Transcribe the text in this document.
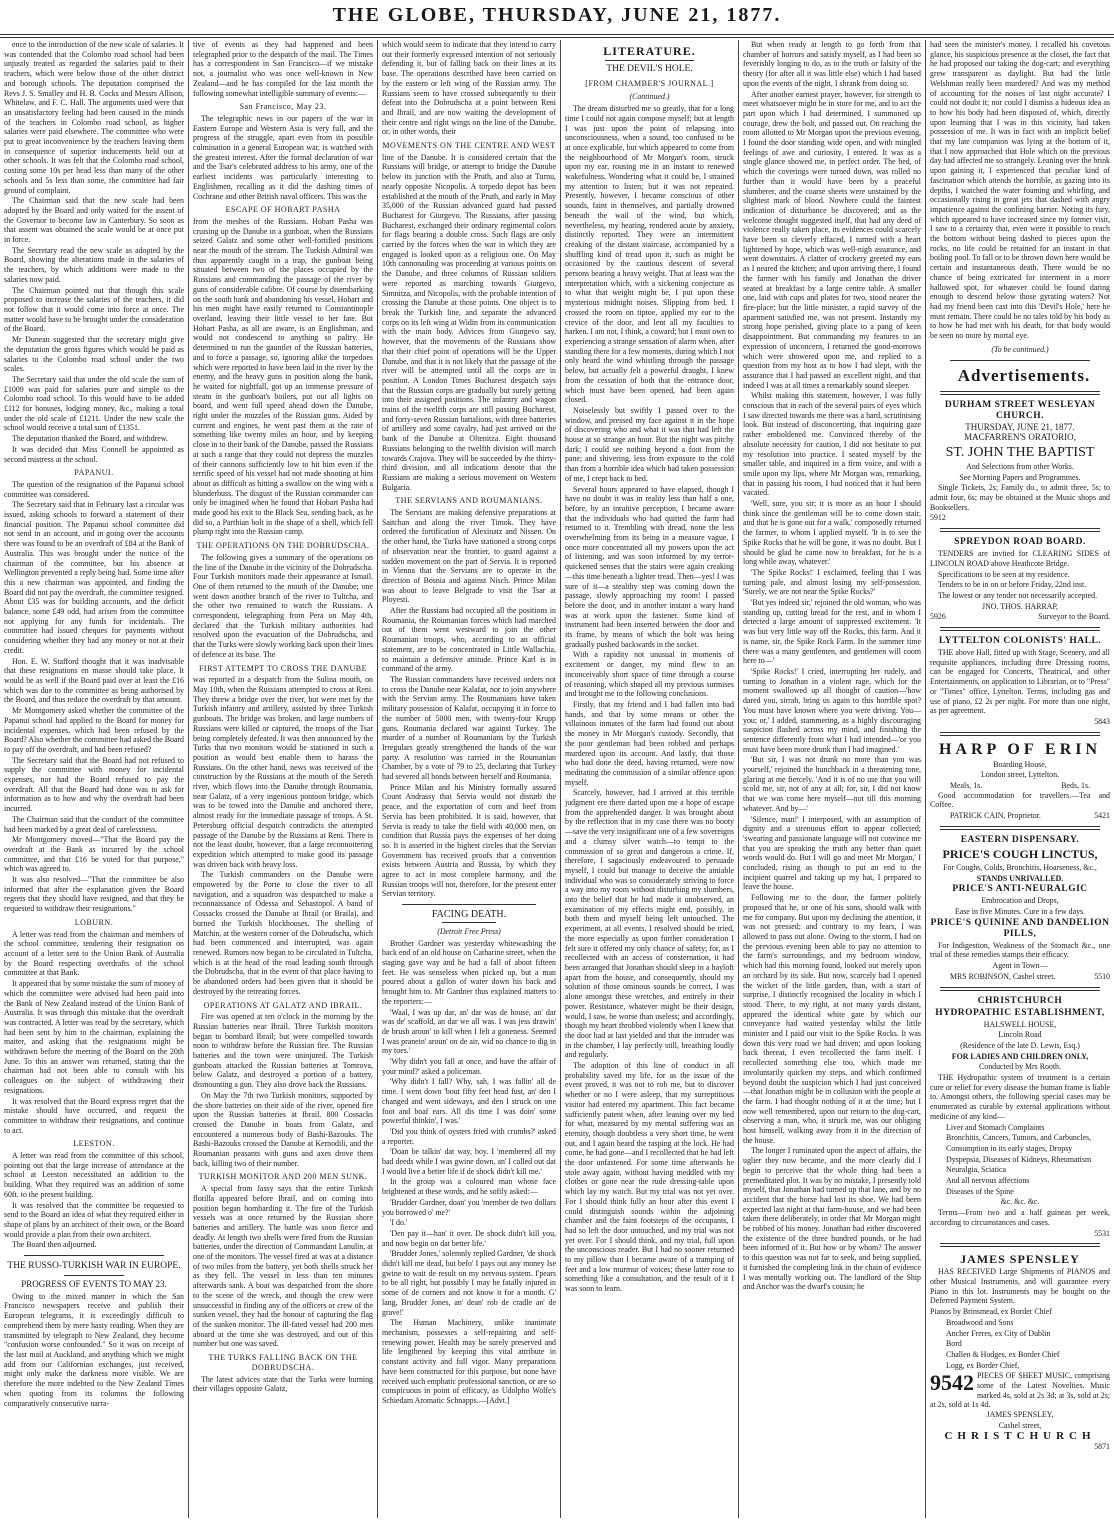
THE GLOBE, THURSDAY, JUNE 21, 1877.

ence to the introduction of the new scale of salaries. It was contended that the Colombo road school had been unjustly treated as regarded the salaries paid to their teachers, which were below those of the other district and borough schools. The deputation comprised the Revs J. S. Smalley and H. B. Cocks and Messrs Allison, Whitelaw, and F. C. Hall. The arguments used were that an unsatisfactory feeling had been caused in the minds of the teachers in Colombo road school, as higher salaries were paid elsewhere. The committee who were put to great inconvenience by the teachers leaving them in consequence of superior inducements held out at other schools. It was felt that the Colombo road school, costing some 10s per head less than many of the other schools and 5s less than some, the committee had fair ground of complaint.

The Chairman said that the new scale had been adopted by the Board and only waited for the assent of the Governor to become law in Canterbury. So soon as that assent was obtained the scale would be at once put in force.

The Secretary read the new scale as adopted by the Board, showing the alterations made in the salaries of the teachers, by which additions were made to the salaries now paid.

The Chairman pointed out that though this scale proposed to increase the salaries of the teachers, it did not follow that it would come into force at once. The matter would have to be brought under the consideration of the Board.

Mr Dunean suggested that the secretary might give the deputation the gross figures which would be paid as salaries to the Colombo road school under the two scales.

The Secretary said that under the old scale the sum of £1009 was paid for salaries pure and simple to the Colombo road school. To this would have to be added £112 for bonuses, lodging money, &c., making a total under the old scale of £1211. Under the new scale the school would receive a total sum of £1351.

The deputation thanked the Board, and withdrew.

It was decided that Miss Connell be appointed as second mistress at the school.

PAPANUI.

The question of the resignation of the Papanui school committee was considered.

The Secretary said that in February last a circular was issued, asking schools to forward a statement of their financial position. The Papanui school committee did not send in an account, and in going over the accounts there was found to be an overdraft of £84 at the Bank of Australia. This was brought under the notice of the chairman of the committee, but his absence at Wellington prevented a reply being had. Some time after this a new chairman was appointed, and finding the Board did not pay the overdraft, the committee resigned. About £35 was for building accounts, and the deficit balance, some £49 odd, had arisen from the committee not applying for any funds for incidentals. The committee had issued cheques for payments without considering whether they had any money or not at their credit.

Hon. E. W. Stafford thought that it was inadvisable that these resignations en masse should take place. It would be as well if the Board paid over at least the £16 which was due to the committee as being authorised by the Board, and thus reduce the overdraft by that amount.

Mr Montgomery asked whether the committee of the Papanui school had applied to the Board for money for incidental expenses, which had been refused by the Board? Also whether the committee had asked the Board to pay off the overdraft, and had been refused?

The Secretary said that the Board had not refused to supply the committee with money for incidental expenses, nor had the Board refused to pay the overdraft. All that the Board had done was to ask for information as to how and why the overdraft had been incurred.

The Chairman said that the conduct of the committee had been marked by a great deal of carelessness.

Mr Montgomery moved—"That the Board pay the overdraft at the Bank as incurred by the school committee, and that £16 be voted for that purpose," which was agreed to.

It was also resolved—"That the committee be also informed that after the explanation given the Board regrets that they should have resigned, and that they be requested to withdraw their resignations."

LOBURN.

A letter was read from the chairman and members of the school committee, tendering their resignation on account of a letter sent to the Union Bank of Australia by the Board respecting overdrafts of the school committee at that Bank.

It appeared that by some mistake the sum of money of which the committee were advised had been paid into the Bank of New Zealand instead of the Union Bank of Australia. It was through this mistake that the overdraft was contracted. A letter was read by the secretary, which had been sent by him to the chairman, explaining the matter, and asking that the resignations might be withdrawn before the meeting of the Board on the 20th June. To this an answer was returned, stating that the chairman had not been able to consult with his colleagues on the subject of withdrawing their resignations.

It was resolved that the Board express regret that the mistake should have occurred, and request the committee to withdraw their resignations, and continue to act.

LEESTON.

A letter was read from the committee of this school, pointing out that the large increase of attendance at the school at Leeston necessitated an addition to the building. What they required was an addition of some 60ft. to the present building.

It was resolved that the committee be requested to send to the Board an idea of what they required either in shape of plans by an architect of their own, or the Board would provide a plan from their own architect.

The Board then adjourned.

THE RUSSO-TURKISH WAR IN EUROPE.

PROGRESS OF EVENTS TO MAY 23.

Owing to the mixed manner in which the San Francisco newspapers receive and publish their European telegrams, it is exceedingly difficult to comprehend them by mere hasty reading. When they are transmitted by telegraph to New Zealand, they become "confusion worse confounded." So it was on receipt of the last mail at Auckland, and anything which we might add from our Californian exchanges, just received, might only make the darkness more visible. We are therefore the more indebted to the New Zealand Times when quoting from its columns the following comparatively consecutive narra-

tive of events as they had happened and been telegraphed prior to the despatch of the mail. The Times has a correspondent in San Francisco—if we mistake not, a journalist who was once well-known in New Zealand—and he has compiled for the last month the following somewhat intelligible summary of events:—

San Francisco, May 23.

The telegraphic news in our papers of the war in Eastern Europe and Western Asia is very full, and the progress of the struggle, apart even from its possible culmination in a general European war, is watched with the greatest interest. After the formal declaration of war and the Tsar's celebrated address to his army, one of the earliest incidents was particularly interesting to Englishmen, recalling as it did the dashing times of Cochrane and other British naval officers. This was the

ESCAPE OF HOBART PASHA

from the meshes of the Russians. Hobart Pasha was cruising up the Danube in a gunboat, when the Russians seized Galatz and some other well-fortified positions near the mouth of the stream. The Turkish Admiral was thus apparently caught in a trap, the gunboat being situated between two of the places occupied by the Russians and commanding the passage of the river by guns of considerable calibre. Of course by disembarking on the south bank and abandoning his vessel, Hobart and his men might have easily returned to Constantinople overland, leaving their little vessel to her fate. But Hobart Pasha, as all are aware, is an Englishman, and would not condescend to anything so paltry. He determined to run the gauntlet of the Russian batteries, and to force a passage, so, ignoring alike the torpedoes which were reported to have been laid in the river by the enemy, and the heavy guns in position along the bank, he waited for nightfall, got up an immense pressure of steam in the gunboat's boilers, put out all lights on board, and went full speed ahead down the Danube, right under the muzzles of the Russian guns. Aided by current and engines, he went past them at the rate of something like twenty miles an hour, and by keeping close in to their bank of the Danube, passed the Russians at such a range that they could not depress the muzzles of their cannons sufficiently low to hit him even if the terrific speed of his vessel had not made shooting at him about as difficult as hitting a swallow on the wing with a blunderbuss. The disgust of the Russian commander can only be imagined when he found that Hobart Pasha had made good his exit to the Black Sea, sending back, as he did so, a Parthian bolt in the shape of a shell, which fell plump right into the Russian camp.

THE OPERATIONS ON THE DOBRUDSCHA.

The following gives a summary of the operations on the line of the Danube in the vicinity of the Dobrudscha. Four Turkish monitors made their appearance at Ismail. One of them returned to the mouth of the Danube; one went down another branch of the river to Tultcha, and the other two remained to watch the Russians. A correspondent, telegraphing from Pera on May 4th, declared that the Turkish military authorities had resolved upon the evacuation of the Dobrudscha, and that the Turks were slowly working back upon their lines of defence at its base. The

FIRST ATTEMPT TO CROSS THE DANUBE

was reported in a despatch from the Sulina mouth, on May 10th, when the Russians attempted to cross at Reni. They threw a bridge over the river, but were met by the Turkish infantry and artillery, assisted by three Turkish gunboats. The bridge was broken, and large numbers of Russians were killed or captured, the troops of the Tsar being completely defeated. It was then announced by the Turks that two monitors would be stationed in such a position as would best enable them to harass the Russians. On the other hand, news was received of the construction by the Russians at the mouth of the Sereth river, which flows into the Danube through Roumania, near Galatz, of a very ingenious pontoon bridge, which was to be towed into the Danube and anchored there, almost ready for the immediate passage of troops. A St. Petersburg official despatch contradicts the attempted passage of the Danube by the Russians at Reni. There is not the least doubt, however, that a large reconnoitering expedition which attempted to make good its passage was driven back with heavy loss.

The Turkish commanders on the Danube were empowered by the Porte to close the river to all navigation, and a squadron was despatched to make a reconnaissance of Odessa and Sebastopol. A band of Cossacks crossed the Danube at Ibrail (or Braila), and burned the Turkish blockhouses. The shelling of Matchin, at the western corner of the Dobrudscha, which had been commenced and interrupted, was again renewed. Rumors now began to be circulated in Tultcha, which is at the head of the road leading south through the Dobrudscha, that in the event of that place having to be abandoned orders had been given that it should be destroyed by the retreating forces.

OPERATIONS AT GALATZ AND IBRAIL.

Fire was opened at ten o'clock in the morning by the Russian batteries near Ibrail. Three Turkish monitors began to bombard Ibrail; but were compelled towards noon to withdraw before the Russian fire. The Russian batteries and the town were uninjured. The Turkish gunboats attacked the Russian batteries at Tomrova, below Galatz, and destroyed a portion of a battery, dismounting a gun. They also drove back the Russians.

On May the 7th two Turkish monitors, supported by the shore batteries on their side of the river, opened fire upon the Russian batteries at Ibrail. 800 Cossacks crossed the Danube in boats from Galatz, and encountered a numerous body of Bashi-Bazouks. The Bashi-Bazouks crossed the Danube at Kernodili, and the Roumanian peasants with guns and axes drove them back, killing two of their number.

TURKISH MONITOR AND 200 MEN SUNK.

A special from Jassy says that the entire Turkish flotilla appeared before Ibrail, and on coming into position began bombarding it. The fire of the Turkish vessels was at once returned by the Russian shore batteries and artillery. The battle was soon fierce and deadly. At length two shells were fired from the Russian batteries, under the direction of Commandant Lanulin, at one of the monitors. The vessel fired at was at a distance of two miles from the battery, yet both shells struck her as they fell. The vessel in less than ten minutes afterwards sank. A boat was despatched from the shore to the scene of the wreck, and though the crew were unsuccessful in finding any of the officers or crew of the sunken vessel, they had the honour of capturing the flag of the sunken monitor. The ill-fated vessel had 200 men aboard at the time she was destroyed, and out of this number but one was saved.

THE TURKS FALLING BACK ON THE DOBRUDSCHA.

The latest advices state that the Turks were burning their villages opposite Galatz,

which would seem to indicate that they intend to carry out their formerly expressed intention of not seriously defending it, but of falling back on their lines at its base. The operations described have been carried on by the eastern or left wing of the Russian army. The Russians seem to have crossed subsequently to their defeat into the Dobrudscha at a point between Reni and Ibrail, and are now waiting the development of their centre and right wings on the line of the Danube, or, in other words, their

MOVEMENTS ON THE CENTRE AND WEST

line of the Danube. It is considered certain that the Russians will bridge, or attempt to bridge the Danube below its junction with the Pruth, and also at Turnu, nearly opposite Nicopolis. A torpedo depot has been established at the mouth of the Pruth, and early in May 35,000 of the Russian advanced guard had passed Bucharest for Giurgevo. The Russians, after passing Bucharest, exchanged their ordinary regimental colors for flags bearing a double cross. Such flags are only carried by the forces when the war in which they are engaged is looked upon as a religious one. On May 10th cannonading was proceeding at various points on the Danube, and three columns of Russian soldiers were reported as marching towards Giurgevo, Simnitza, and Nicopolis, with the probable intention of crossing the Danube at those points. One object is to break the Turkish line, and separate the advanced corps on its left wing at Widin from its communication with the main body. Advices from Giurgevo say, however, that the movements of the Russians show that their chief point of operations will be the Upper Danube, and that it is not likely that the passage of the river will be attempted until all the corps are in position. A London Times Bucharest despatch says that the Russian corps are gradually but surely getting into their assigned positions. The infantry and wagon trains of the twelfth corps are still passing Bucharest, and forty-seven Russian battalions, with three batteries of artillery and some cavalry, had just arrived on the bank of the Danube at Oltenitza. Eight thousand Russians belonging to the twelfth division will march towards Crajova. They will be succeeded by the thirty-third division, and all indications denote that the Russians are making a serious movement on Western Bulgaria.

THE SERVIANS AND ROUMANIANS.

The Servians are making defensive preparations at Saitchan and along the river Timok. They have ordered the fortification of Alexinatz and Nissen. On the other hand, the Turks have stationed a strong corps of observation near the frontier, to guard against a sudden movement on the part of Servia. It is reported in Vienna that the Servians are to operate in the direction of Bosnia and against Nisch. Prince Milan was about to leave Belgrade to visit the Tsar at Ployesti.

After the Russians had occupied all the positions in Roumania, the Roumanian forces which had marched out of them went westward to join the other Roumanian troops, who, according to an official statement, are to be concentrated in Little Wallachia, to maintain a defensive attitude. Prince Karl is in command of the army.

The Russian commanders have received orders not to cross the Danube near Kalafat, nor to join anywhere with the Servian army. The Roumanians have taken military possession of Kalafat, occupying it in force to the number of 5000 men, with twenty-four Krupp guns. Roumania declared war against Turkey. The murder of a number of Roumanians by the Turkish Irregulars greatly strengthened the hands of the war party. A resolution was carried in the Roumanian Chamber, by a vote of 79 to 25, declaring that Turkey had severed all bonds between herself and Roumania.

Prince Milan and his Ministry formally assured Count Andrassy that Servia would not disturb the peace, and the exportation of corn and beef from Servia has been prohibited. It is said, however, that Servia is ready to take the field with 40,000 men, on condition that Russia pays the expenses of her doing so. It is asserted in the highest circles that the Servian Government has received proofs that a convention exists between Austria and Russia, by which they agree to act in most complete harmony, and the Russian troops will not, therefore, for the present enter Servian territory.

FACING DEATH.

(Detroit Free Press)

Brother Gardner was yesterday whitewashing the back end of an old house on Catharine street, when the staging gave way and he had a fall of about fifteen feet. He was senseless when picked up, but a man poured about a gallon of water down his back and brought him to. Mr Gardner thus explained matters to the reporters:—

'Waal, I was up dar, an' dar was de house, an' dar was de' scaffold, an dar we all was. I was jess drawin' de brush aroun' to kill when I felt a goneness. Seemed I was pranein' aroun' on de air, wid no chance to dig in my toes.'

'Why didn't you fall at once, and have the affair of your mind?' asked a policeman.

'Why didn't I fall? Why, sah, I was fallin' all de time. I went down 'bout fifty feet head fust, an' den I changed and went sideways, and den I struck on one foot and boaf ears. All dis time I was doin' some powerful thinkin', I was.'

'Did you think of oysters fried with crumbs?' asked a reporter.

'Doan be talkin' dat way, boy. I 'membered all my bad deeds while I was gwine down, an' I called out dat I would live a better life if de shock didn't kill me.'

In the group was a coloured man whose face brightened at these words, and he softly asked:—

'Brudder Gardner, doan' you 'member de two dollars you borrowed o' me?'

'I do.'

'Den pay it—han' it over. De shock didn't kill you, and now begin on dat better life.'

'Brudder Jones,' solemnly replied Gardner, 'de shock didn't kill me dead, but befo' I pays out any money Ise gwine to wait de result on my nervous system. I'pears to be all right, but possibly I may be fatally injured in some of de corners and not know it for a month. G' lang, Brudder Jones, an' dean' rob de cradle an' de grave!'

The Human Machinery, unlike inanimate mechanism, possesses a self-repairing and self-renewing power. Health may be surely preserved and life lengthened by keeping this vital attribute in constant activity and full vigor. Many preparations have been constructed for this purpose, but none have received such emphatic professional sanction, or are so conspicuous in point of efficacy, as Udolpho Wolfe's Schiedam Aromatic Schnapps.—[Advt.]

LITERATURE.

THE DEVIL'S HOLE.

[FROM CHAMBER'S JOURNAL.]

(Continued.)

The dream disturbed me so greatly, that for a long time I could not again compose myself; but at length I was just upon the point of relapsing into unconsciousness, when a sound, too confused to be at once explicable, but which appeared to come from the neighbourhood of Mr Morgan's room, struck upon my ear, rousing me in an instant to renewed wakefulness. Wondering what it could be, I strained my attention to listen; but it was not repeated. Presently, however, I became conscious of other sounds, faint in themselves, and partially drowned beneath the wail of the wind, but which, nevertheless, my hearing, rendered acute by anxiety, distinctly reported. They were an intermittent creaking of the distant staircase, accompanied by a shuffling kind of tread upon it, such as might be occasioned by the cautious descent of several persons bearing a heavy weight. That at least was the interpretation which, with a sickening conjecture as to what that weight might be, I put upon these mysterious midnight noises. Slipping from bed, I crossed the room on tiptoe, applied my ear to the crevice of the door, and lent all my faculties to harken. I am not, I think, a coward; but I must own to experiencing a strange sensation of alarm when, after standing there for a few moments, during which I not only heard the wind whistling through the passage below, but actually felt a powerful draught, I knew from the cessation of both that the entrance door, which must have been opened, had been again closed.

Noiselessly but swiftly I passed over to the window, and pressed my face against it in the hope of discovering who and what it was that had left the house at so strange an hour. But the night was pitchy dark; I could see nothing beyond a foot from the pane; and shivering, less from exposure to the cold than from a horrible idea which had taken possession of me, I crept back to bed.

Several hours appeared to have elapsed, though I have no doubt it was in reality less than half a one, before, by an intuitive perception, I became aware that the individuals who had quitted the farm had returned to it. Trembling with dread, none the less overwhelming from its being in a measure vague, I once more concentrated all my powers upon the act of listening, and was soon informed by my terror-quickened senses that the stairs were again creaking—this time beneath a lighter tread. Then—yes! I was sure of it—a stealthy step was coming down the passage, slowly approaching my room! I passed before the door, and in another instant a wary hand was at work upon the fastener. Some kind of instrument had been inserted between the door and its frame, by means of which the bolt was being gradually pushed backwards in the socket.

With a rapidity not unusual in moments of excitement or danger, my mind flew to an inconceivably short space of time through a course of reasoning, which shaped all my previous surmises and brought me to the following conclusions.

Firstly, that my friend and I had fallen into bad hands, and that by some means or other the villainous inmates of the farm had found out about the money in Mr Morgan's custody. Secondly, that the poor gentleman had been robbed and perhaps murdered upon its account. And lastly, that those who had done the deed, having returned, were now meditating the commission of a similar offence upon myself.

Scarcely, however, had I arrived at this terrible judgment ere there darted upon me a hope of escape from the apprehended danger. It was brought about by the reflection that in my case there was no booty—save the very insignificant one of a few sovereigns and a clumsy silver watch—to tempt to the commission of so great and dangerous a crime. If, therefore, I sagaciously endeavoured to persuade myself, I could but manage to deceive the amiable individual who was so considerately striving to force a way into my room without disturbing my slumbers, into the belief that he had made it unobserved, an examination of my effects might end, possibly, in both them and myself being left untouched. The experiment, at all events, I resolved should be tried, the more especially as upon further consideration I felt sure it offered my only chance of safety; for, as I recollected with an access of consternation, it had been arranged that Jonathan should sleep in a hayloft apart from the house, and consequently, should my solution of those ominous sounds be correct, I was alone amongst these wretches, and entirely in their power. Resistance, whatever might be their design, would, I saw, be worse than useless; and accordingly, though my heart throbbed violently when I knew that the door had at last yielded and that the intruder was in the chamber, I lay perfectly still, breathing loudly and regularly.

The adoption of this line of conduct in all probability saved my life, for as the issue of the event proved, it was not to rob me, but to discover whether or no I were asleep, that my surreptitious visitor had entered my apartment. This fact became sufficiently patent when, after leaning over my bed for what, measured by my mental suffering was an eternity, though doubtless a very short time, he went out, and I again heard the rasping at the lock. He had come, he had gone—and I recollected that he had left the door unfastened. For some time afterwards he stole away again, without having meddled with my clothes or gone near the rude dressing-table upon which lay my watch. But my trial was not yet over. For I should think fully an hour after this event I could distinguish sounds within the adjoining chamber and the faint footsteps of the occupants, I had so left the door untouched, and my trial was not yet over. For I should think, and my trial, full upon the unconscious reader. But I had no sooner returned to my pillow than I became aware of a tramping of feet and a low murmur of voices; these latter rose to something like a consultation, and the result of it I was soon to learn.

But when ready at length to go forth from that chamber of horrors and satisfy myself, as I had been so feverishly longing to do, as to the truth or falsity of the theory (for after all it was little else) which I had based upon the events of the night, I shrank from doing so.

After another earnest prayer, however, for strength to meet whatsoever might be in store for me, and to act the part upon which I had determined, I summoned up courage, drew the bolt, and passed out. On reaching the room allotted to Mr Morgan upon the previous evening, I found the door standing wide open, and with mingled feelings of awe and curiosity, I entered. It was as a single glance showed me, in perfect order. The bed, of which the coverings were turned down, was rolled no further than it would have been by a peaceful slumberer, and the coarse sheets were unstained by the slightest mark of blood. Nowhere could the faintest indication of disturbance be discovered; and as the welcome thought suggested itself, that had any deed of violence really taken place, its evidences could scarcely have been so cleverly effaced, I turned with a heart lightened by hope, which was well-nigh assurance, and went downstairs. A clatter of crockery greeted my ears as I neared the kitchen; and upon arriving there, I found the farmer with his family and Jonathan the driver seated at breakfast by a large centre table. A smaller one, laid with cups and plates for two, stood nearer the fire-place; but the little minister, a rapid survey of the apartment satisfied me, was not present. Instantly my strong hope perished, giving place to a pang of keen disappointment. But commanding my features to an expression of unconcern, I returned the good-morrows which were showered upon me, and replied to a question from my host as to how I had slept, with the assurance that I had passed an excellent night, and that indeed I was at all times a remarkably sound sleeper.

Whilst making this statement, however, I was fully conscious that in each of the several pairs of eyes which I saw directed towards me there was a hard, scrutinising look. But instead of disconcerting, that inquiring gaze rather emboldened me. Convinced thereby of the absolute necessity for caution, I did not hesitate to put my resolution into practice. I seated myself by the smaller table, and inquired in a firm voice, and with a smile upon my lips, where Mr Morgan was, remarking, that in passing his room, I had noticed that it had been vacated.

'Well, sure, you sir; it is more as an hour I should think since the gentleman will be to come down stair, and that he is gone out for a walk,' composedly returned the farmer, to whom I applied myself. 'It is to see the Spike Rocks that he will be gone, it was no doubt. But I should be glad he came now to breakfast, for he is a long while away, whatever.'

'The Spike Rocks!' I exclaimed, feeling that I was turning pale, and almost losing my self-possession. 'Surely, we are not near the Spike Rocks?'

'But yes indeed sir,' rejoined the old woman, who was standing up, cutting bread for the rest, and in whom I detected a large amount of suppressed excitement. 'It was but very little way off the Rocks, this farm. And it is name, sir, the Spike Rock Farm. In the summer time there was a many gentlemen, and gentlemen will coom here to—'

'Spike Rocks!' I cried, interrupting her rudely, and turning to Jonathan in a violent rage, which for the moment swallowed up all thought of caution—'how dared you, sirrah, bring us again to this horrible spot? You must have known where you were driving. You—you; or,' I added, stammering, as a highly discouraging suspicion flashed across my mind, and finishing the sentence differently from what I had intended—'or you must have been more drunk than I had imagined.'

'But sir, I was not drunk no more than you was yourself,' rejoined the hunchback in a threatening tone, glaring at me fiercely. 'And it is of no use that you will scold me, sir, not of any at all; for, sir, I did not know that we was come here myself—not till this morning whatever. And by—'

'Silence, man!' I interposed, with an assumption of dignity and a strenuous effort to appear collected; 'swearing and passionate language will not convince me that you are speaking the truth any better than quiet words would do. But I will go and meet Mr Morgan,' I concluded, rising as though to put an end to the incipient quarrel and taking up my hat, I prepared to leave the house.

Following me to the door, the farmer politely proposed that he, or one of his sons, should walk with me for company. But upon my declining the attention, it was not pressed; and contrary to my fears, I was allowed to pass out alone. Owing to the storm, I had on the previous evening been able to pay no attention to the farm's surroundings, and my bedroom window, which had this morning found, looked out merely upon an orchard by its side. But now, scarcely had I opened the wicket of the little garden, than, with a start of surprise, I distinctly recognised the locality in which I stood. There, to my right, at not many yards distant, appeared the identical white gate by which our conveyance had waited yesterday whilst the little minister and I paid our visit to the Spike Rocks. It was down this very road we had driven; and upon looking back thereat, I even recollected the farm itself. I recollected something else too, which made me involuntarily quicken my steps, and which confirmed beyond doubt the suspicion which I had just conceived—that Jonathan might be in collusion with the people at the farm. I had thought nothing of it at the time; but I now well remembered, upon our return to the dog-cart, observing a man, who, it struck me, was our obliging host himself, walking away from it in the direction of the house.

The longer I ruminated upon the aspect of affairs, the uglier they now became, and the more clearly did I begin to perceive that the whole thing had been a premeditated plot. It was by no mistake, I presently told myself, that Jonathan had turned up that lane, and by no accident that the horse had lost its shoe. We had been expected last night at that farm-house, and we had been taken there deliberately, in order that Mr Morgan might be robbed of his money. Jonathan had either discovered the existence of the three hundred pounds, or he had been informed of it. But how or by whom? The answer to this question was not far to seek, and being supplied, it furnished the completing link in the chain of evidence I was mentally working out. The landlord of the Ship and Anchor was the dwarf's cousin; he

had seen the minister's money. I recalled his covetous glance, his suspicious presence at the closet, the fact that he had proposed our taking the dog-cart; and everything grew transparent as daylight. But had the little Welshman really been murdered? And was my method of accounting for the noises of last night accurate? I could not doubt it; nor could I dismiss a hideous idea as to how his body had been disposed of, which, directly upon learning that I was in this vicinity, had taken possession of me. It was in fact with an implicit belief that my late companion was lying at the bottom of it, that I now approached that Hole which on the previous day had affected me so strangely. Leaning over the brink upon gaining it, I experienced that peculiar kind of fascination which attends the horrible, as gazing into its depths, I watched the water foaming and whirling, and occasionally rising in great jets that dashed with angry impatience against the confining barrier. Noting its fury, which appeared to have increased since my former visit, I saw to a certainty that, even were it possible to reach the bottom without being dashed to pieces upon the rocks, no life could be retained for an instant in that boiling pool. To fall or to be thrown down here would be certain and instantaneous death. There would be no chance of being extricated for interment in a more hallowed spot, for whatever could be found daring enough to descend below those gyrating waters? Not had my friend been cast into this 'Devil's Hole,' here he must remain. There could be no tales told by his body as to how he had met with his death, for that body would be seen no more by mortal eye.

(To be continued.)

Advertisements.

DURHAM STREET WESLEYAN CHURCH.

THURSDAY, JUNE 21, 1877.

MACFARREN'S ORATORIO,

ST. JOHN THE BAPTIST

And Selections from other Works.

See Morning Papers and Programmes.

Single Tickets, 2s; Family do., to admit three, 5s; to admit four, 6s; may be obtained at the Music shops and Booksellers.

5912

SPREYDON ROAD BOARD.

TENDERS are invited for CLEARING SIDES of LINCOLN ROAD above Heathcote Bridge.

Specifications to be seen at my residence.

Tenders to be in on or before Friday, 22nd inst.

The lowest or any tender not necessarily accepted.

JNO. THOS. HARRAP,

5926	Surveyor to the Board.

LYTTELTON COLONISTS' HALL.

THE above Hall, fitted up with Stage, Scenery, and all requisite appliances, including three Dressing rooms, can be engaged for Concerts, Theatrical, and other Entertainments, on application to Librarian, or to "Press" or "Times" office, Lyttelton. Terms, including gas and use of piano, £2 2s per night. For more than one night, as per agreement.

5843

HARP OF ERIN

Boarding House,

London street, Lyttelton.

Meals, 1s.	Beds, 1s.

Good accommodation for travellers.—Tea and Coffee.

PATRICK CAIN, Proprietor.	5421

EASTERN DISPENSARY.

PRICE'S COUGH LINCTUS,

For Coughs, Colds, Bronchitis, Hoarseness, &c.,

STANDS UNRIVALLED.

PRICE'S ANTI-NEURALGIC

Embrocation and Drops,

Ease in five Minutes. Cure in a few days.

PRICE'S QUININE AND DANDELION PILLS,

For Indigestion, Weakness of the Stomach &c., one trial of these remedies stamps their efficacy.

Agent in Town—

MRS ROBINSON, Cashel street.	5510

CHRISTCHURCH

HYDROPATHIC ESTABLISHMENT,

HALSWELL HOUSE,

Lincoln Road

(Residence of the late D. Lewis, Esq.)

FOR LADIES AND CHILDREN ONLY,

Conducted by Mrs Rooth.

THE Hydropathic system of treatment is a certain cure or relief for every disease the human frame is liable to. Amongst others, the following special cases may be enumerated as curable by external applications without medicine of any kind—

Liver and Stomach Complaints

Bronchitis, Cancers, Tumors, and Carbuncles,

Consumption in its early stages, Dropsy

Dyspepsia, Diseases of Kidneys, Rheumatism

Neuralgia, Sciatica

And all nervous affections

Diseases of the Spine

&c. &c. &c.

Terms—From two and a half guineas per week, according to circumstances and cases.

5531

JAMES SPENSLEY

HAS RECEIVED Large Shipments of PIANOS and other Musical Instruments, and will guarantee every Piano in this lot. Instruments may be bought on the Deferred Payment System.

Pianos by Brinsmead, ex Border Chief

Broadwood and Sons

Ancher Freres, ex City of Dublin

Bord

Challen & Hodges, ex Border Chief

Logg, ex Border Chief,

9542 PIECES OF SHEET MUSIC, comprising some of the Latest Novelties. Music marked 4s, sold at 2s 3d; at 3s, sold at 2s; at 2s, sold at 1s 4d.

JAMES SPENSLEY,

Cashel street,

CHRISTCHURCH

5871
